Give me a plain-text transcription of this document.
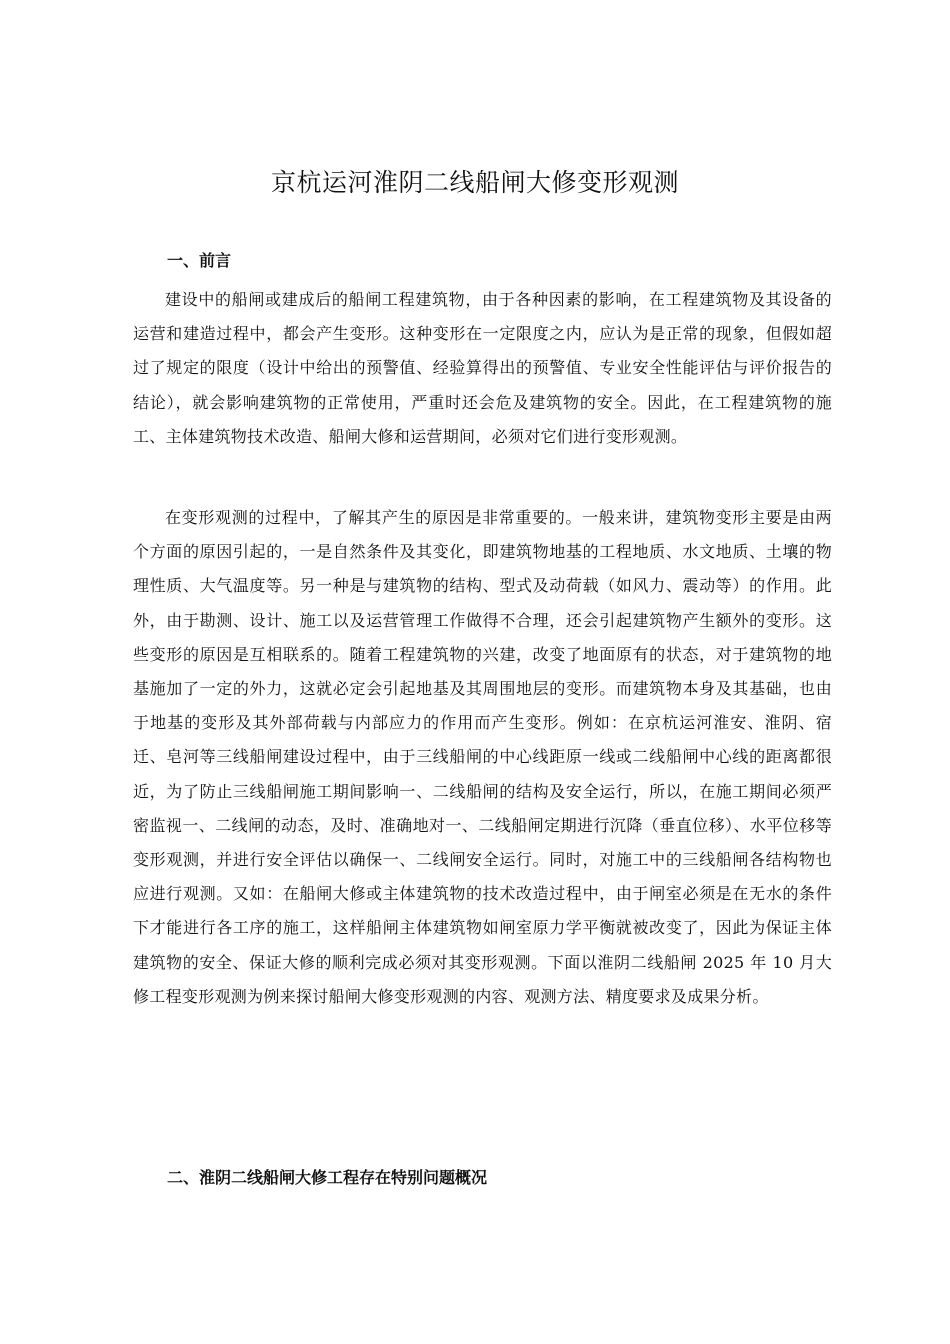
京杭运河淮阴二线船闸大修变形观测
一、前言

建设中的船闸或建成后的船闸工程建筑物，由于各种因素的影响，在工程建筑物及其设备的运营和建造过程中，都会产生变形。这种变形在一定限度之内，应认为是正常的现象，但假如超过了规定的限度（设计中给出的预警值、经验算得出的预警值、专业安全性能评估与评价报告的结论），就会影响建筑物的正常使用，严重时还会危及建筑物的安全。因此，在工程建筑物的施工、主体建筑物技术改造、船闸大修和运营期间，必须对它们进行变形观测。

在变形观测的过程中，了解其产生的原因是非常重要的。一般来讲，建筑物变形主要是由两个方面的原因引起的，一是自然条件及其变化，即建筑物地基的工程地质、水文地质、土壤的物理性质、大气温度等。另一种是与建筑物的结构、型式及动荷载（如风力、震动等）的作用。此外，由于勘测、设计、施工以及运营管理工作做得不合理，还会引起建筑物产生额外的变形。这些变形的原因是互相联系的。随着工程建筑物的兴建，改变了地面原有的状态，对于建筑物的地基施加了一定的外力，这就必定会引起地基及其周围地层的变形。而建筑物本身及其基础，也由于地基的变形及其外部荷载与内部应力的作用而产生变形。例如：在京杭运河淮安、淮阴、宿迁、皂河等三线船闸建设过程中，由于三线船闸的中心线距原一线或二线船闸中心线的距离都很近，为了防止三线船闸施工期间影响一、二线船闸的结构及安全运行，所以，在施工期间必须严密监视一、二线闸的动态，及时、准确地对一、二线船闸定期进行沉降（垂直位移）、水平位移等变形观测，并进行安全评估以确保一、二线闸安全运行。同时，对施工中的三线船闸各结构物也应进行观测。又如：在船闸大修或主体建筑物的技术改造过程中，由于闸室必须是在无水的条件下才能进行各工序的施工，这样船闸主体建筑物如闸室原力学平衡就被改变了，因此为保证主体建筑物的安全、保证大修的顺利完成必须对其变形观测。下面以淮阴二线船闸 2025 年 10 月大修工程变形观测为例来探讨船闸大修变形观测的内容、观测方法、精度要求及成果分析。

二、淮阴二线船闸大修工程存在特别问题概况
